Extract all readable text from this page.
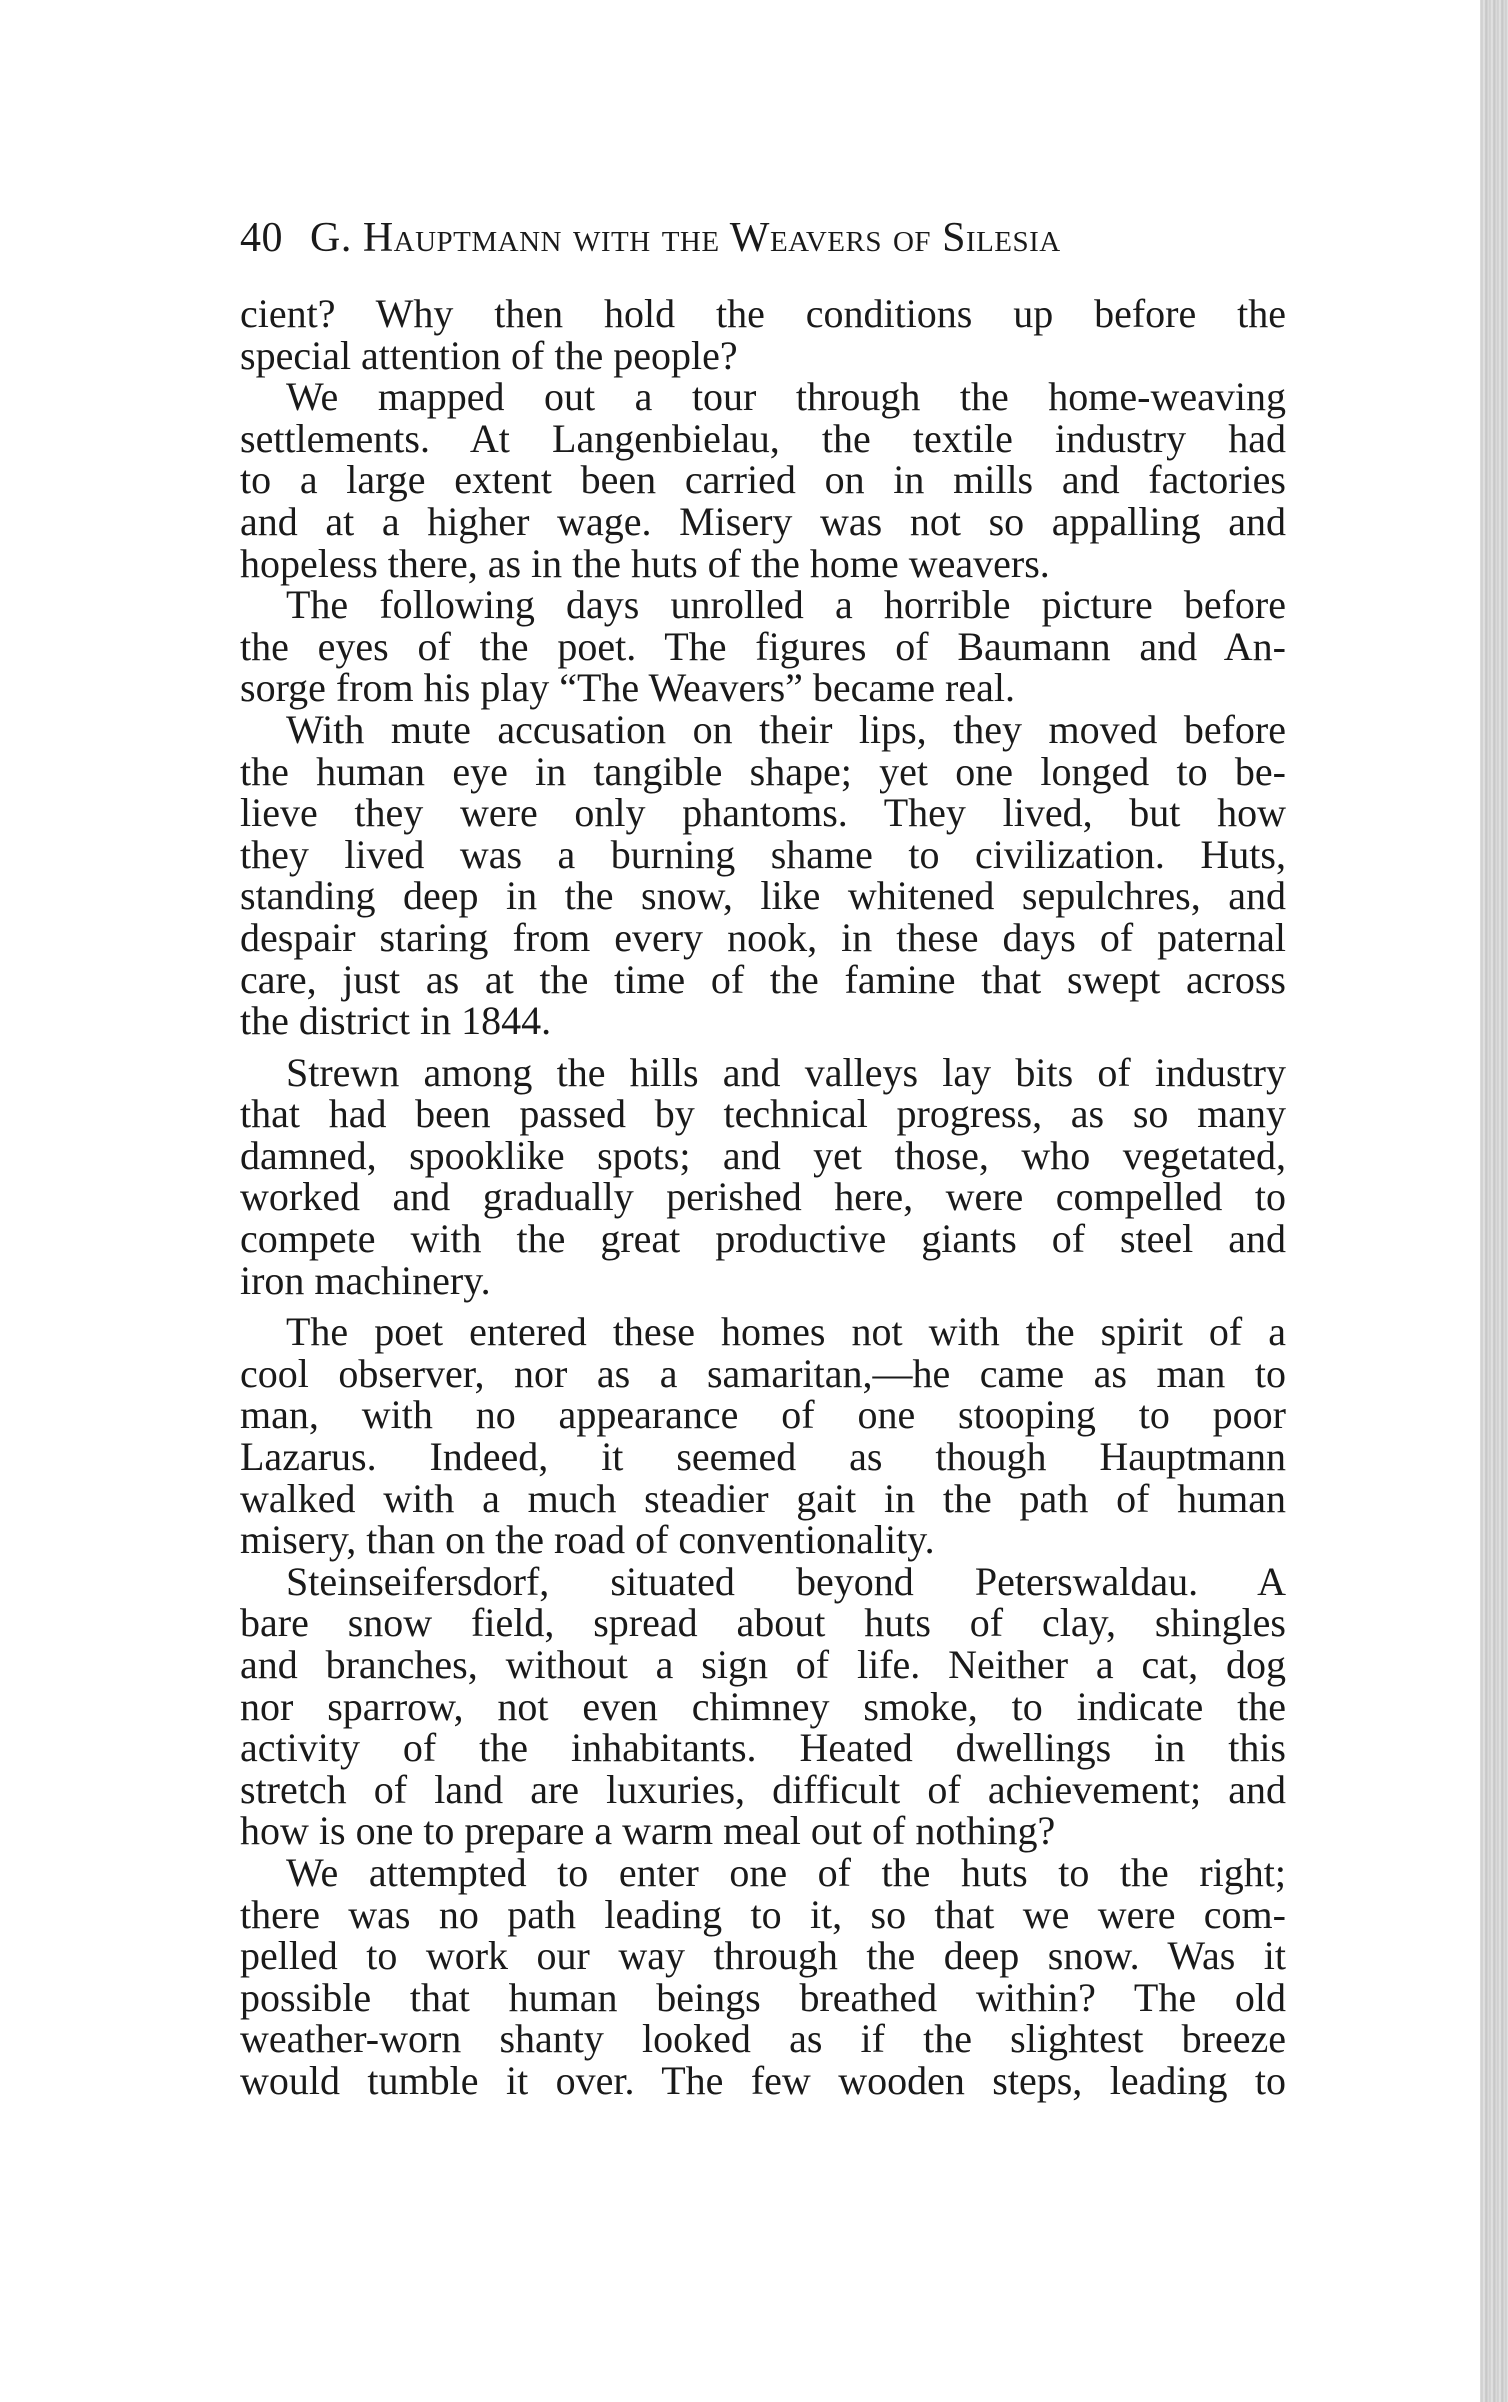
40 G. Hauptmann with the Weavers of Silesia
cient? Why then hold the conditions up before the
special attention of the people?
We mapped out a tour through the home-weaving
settlements. At Langenbielau, the textile industry had
to a large extent been carried on in mills and factories
and at a higher wage. Misery was not so appalling and
hopeless there, as in the huts of the home weavers.
The following days unrolled a horrible picture before
the eyes of the poet. The figures of Baumann and An-
sorge from his play “The Weavers” became real.
With mute accusation on their lips, they moved before
the human eye in tangible shape; yet one longed to be-
lieve they were only phantoms. They lived, but how
they lived was a burning shame to civilization. Huts,
standing deep in the snow, like whitened sepulchres, and
despair staring from every nook, in these days of paternal
care, just as at the time of the famine that swept across
the district in 1844.
Strewn among the hills and valleys lay bits of industry
that had been passed by technical progress, as so many
damned, spooklike spots; and yet those, who vegetated,
worked and gradually perished here, were compelled to
compete with the great productive giants of steel and
iron machinery.
The poet entered these homes not with the spirit of a
cool observer, nor as a samaritan,—he came as man to
man, with no appearance of one stooping to poor
Lazarus. Indeed, it seemed as though Hauptmann
walked with a much steadier gait in the path of human
misery, than on the road of conventionality.
Steinseifersdorf, situated beyond Peterswaldau. A
bare snow field, spread about huts of clay, shingles
and branches, without a sign of life. Neither a cat, dog
nor sparrow, not even chimney smoke, to indicate the
activity of the inhabitants. Heated dwellings in this
stretch of land are luxuries, difficult of achievement; and
how is one to prepare a warm meal out of nothing?
We attempted to enter one of the huts to the right;
there was no path leading to it, so that we were com-
pelled to work our way through the deep snow. Was it
possible that human beings breathed within? The old
weather-worn shanty looked as if the slightest breeze
would tumble it over. The few wooden steps, leading to
